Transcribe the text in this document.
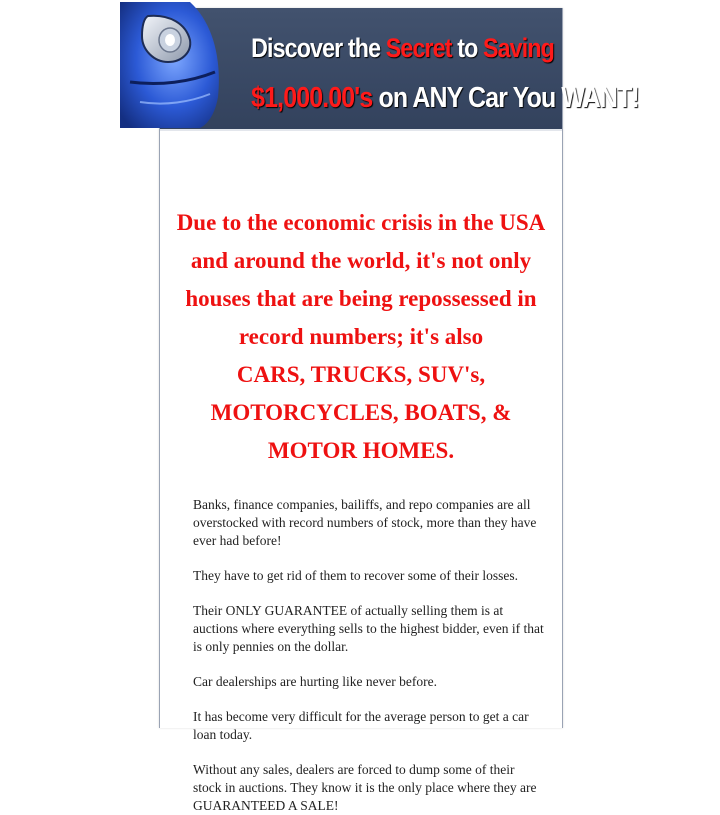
Discover the Secret to Saving
$1,000.00's on ANY Car You WANT!
Due to the economic crisis in the USA and around the world, it's not only houses that are being repossessed in record numbers; it's also
CARS, TRUCKS, SUV's, MOTORCYCLES, BOATS, & MOTOR HOMES.

Banks, finance companies, bailiffs, and repo companies are all overstocked with record numbers of stock, more than they have ever had before!

They have to get rid of them to recover some of their losses.

Their ONLY GUARANTEE of actually selling them is at auctions where everything sells to the highest bidder, even if that is only pennies on the dollar.

Car dealerships are hurting like never before.

It has become very difficult for the average person to get a car loan today.

Without any sales, dealers are forced to dump some of their stock in auctions. They know it is the only place where they are GUARANTEED A SALE!
